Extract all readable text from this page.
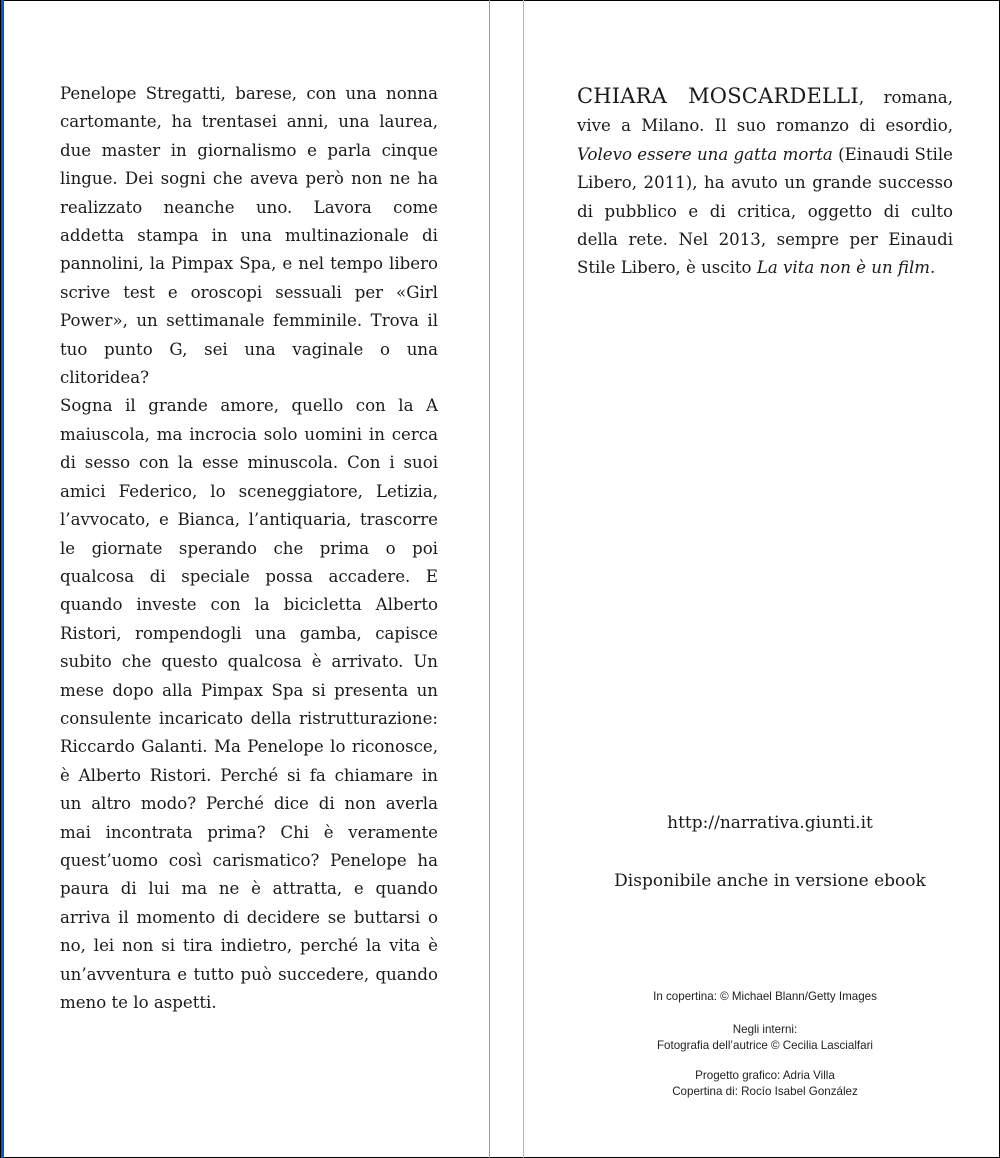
Penelope Stregatti, barese, con una nonna cartomante, ha trentasei anni, una laurea, due master in giornalismo e parla cinque lingue. Dei sogni che aveva però non ne ha realizzato neanche uno. Lavora come addetta stampa in una multinazionale di pannolini, la Pimpax Spa, e nel tempo libero scrive test e oroscopi sessuali per «Girl Power», un settimanale femminile. Trova il tuo punto G, sei una vaginale o una clitoridea?

Sogna il grande amore, quello con la A maiuscola, ma incrocia solo uomini in cerca di sesso con la esse minuscola. Con i suoi amici Federico, lo sceneggiatore, Letizia, l’avvocato, e Bianca, l’antiquaria, trascorre le giornate sperando che prima o poi qualcosa di speciale possa accadere. E quando investe con la bicicletta Alberto Ristori, rompendogli una gamba, capisce subito che questo qualcosa è arrivato. Un mese dopo alla Pimpax Spa si presenta un consulente incaricato della ristrutturazione: Riccardo Galanti. Ma Penelope lo riconosce, è Alberto Ristori. Perché si fa chiamare in un altro modo? Perché dice di non averla mai incontrata prima? Chi è veramente quest’uomo così carismatico? Penelope ha paura di lui ma ne è attratta, e quando arriva il momento di decidere se buttarsi o no, lei non si tira indietro, perché la vita è un’avventura e tutto può succedere, quando meno te lo aspetti.

CHIARA MOSCARDELLI, romana, vive a Milano. Il suo romanzo di esordio, Volevo essere una gatta morta (Einaudi Stile Libero, 2011), ha avuto un grande successo di pubblico e di critica, oggetto di culto della rete. Nel 2013, sempre per Einaudi Stile Libero, è uscito La vita non è un film.
http://narrativa.giunti.it
Disponibile anche in versione ebook
In copertina: © Michael Blann/Getty Images
Negli interni:
Fotografia dell’autrice © Cecilia Lascialfari
Progetto grafico: Adria Villa
Copertina di: Rocío Isabel González
